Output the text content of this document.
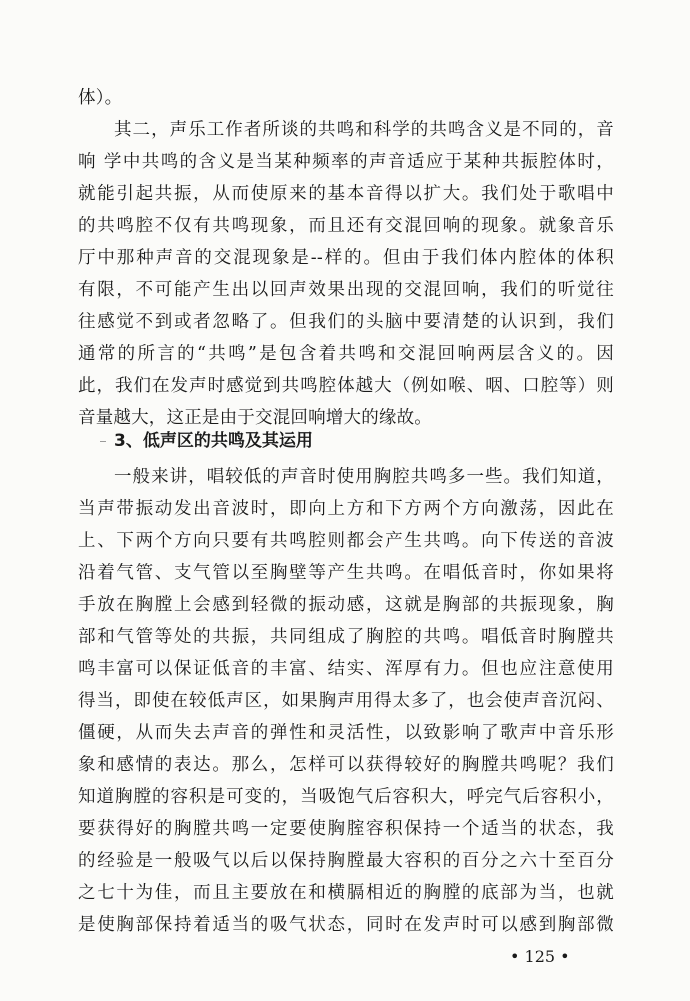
体）。
其二，声乐工作者所谈的共鸣和科学的共鸣含义是不同的，音
响 学中共鸣的含义是当某种频率的声音适应于某种共振腔体时，
就能引起共振，从而使原来的基本音得以扩大。我们处于歌唱中
的共鸣腔不仅有共鸣现象，而且还有交混回响的现象。就象音乐
厅中那种声音的交混现象是--样的。但由于我们体内腔体的体积
有限，不可能产生出以回声效果出现的交混回响，我们的听觉往
往感觉不到或者忽略了。但我们的头脑中要清楚的认识到，我们
通常的所言的“共鸣”是包含着共鸣和交混回响两层含义的。因
此，我们在发声时感觉到共鸣腔体越大（例如喉、咽、口腔等）则
音量越大，这正是由于交混回响增大的缘故。
3、低声区的共鸣及其运用
一般来讲，唱较低的声音时使用胸腔共鸣多一些。我们知道，
当声带振动发出音波时，即向上方和下方两个方向激荡，因此在
上、下两个方向只要有共鸣腔则都会产生共鸣。向下传送的音波
沿着气管、支气管以至胸壁等产生共鸣。在唱低音时，你如果将
手放在胸膛上会感到轻微的振动感，这就是胸部的共振现象，胸
部和气管等处的共振，共同组成了胸腔的共鸣。唱低音时胸膛共
鸣丰富可以保证低音的丰富、结实、浑厚有力。但也应注意使用
得当，即使在较低声区，如果胸声用得太多了，也会使声音沉闷、
僵硬，从而失去声音的弹性和灵活性，以致影响了歌声中音乐形
象和感情的表达。那么，怎样可以获得较好的胸膛共鸣呢？我们
知道胸膛的容积是可变的，当吸饱气后容积大，呼完气后容积小，
要获得好的胸膛共鸣一定要使胸腟容积保持一个适当的状态，我
的经验是一般吸气以后以保持胸膛最大容积的百分之六十至百分
之七十为佳，而且主要放在和横膈相近的胸膛的底部为当，也就
是使胸部保持着适当的吸气状态，同时在发声时可以感到胸部微
• 125 •
